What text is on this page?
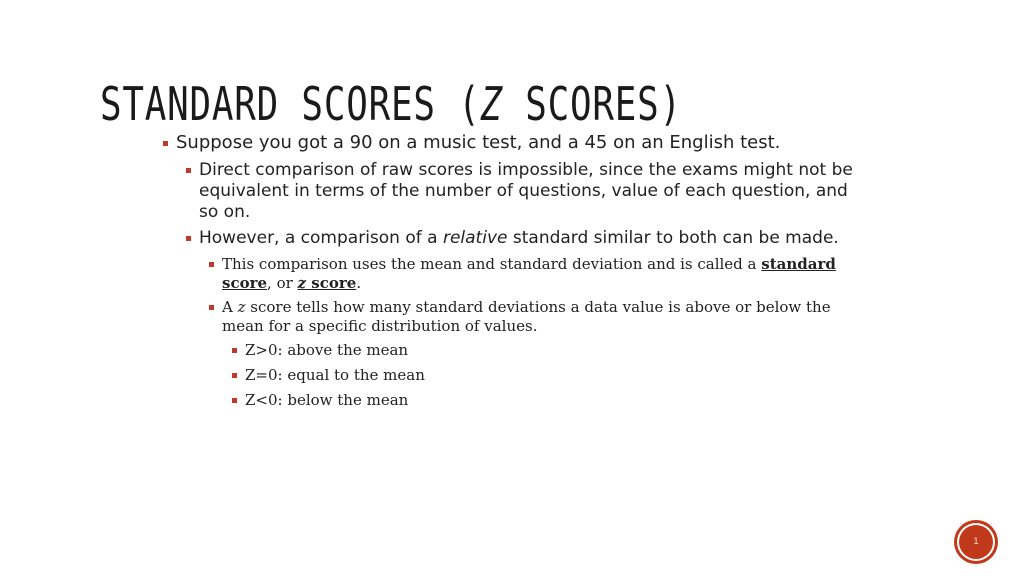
STANDARD SCORES (Z SCORES)
Suppose you got a 90 on a music test, and a 45 on an English test.
Direct comparison of raw scores is impossible, since the exams might not be equivalent in terms of the number of questions, value of each question, and so on.
However, a comparison of a relative standard similar to both can be made.
This comparison uses the mean and standard deviation and is called a standard score, or z score.
A z score tells how many standard deviations a data value is above or below the mean for a specific distribution of values.
Z>0: above the mean
Z=0: equal to the mean
Z<0: below the mean
1
